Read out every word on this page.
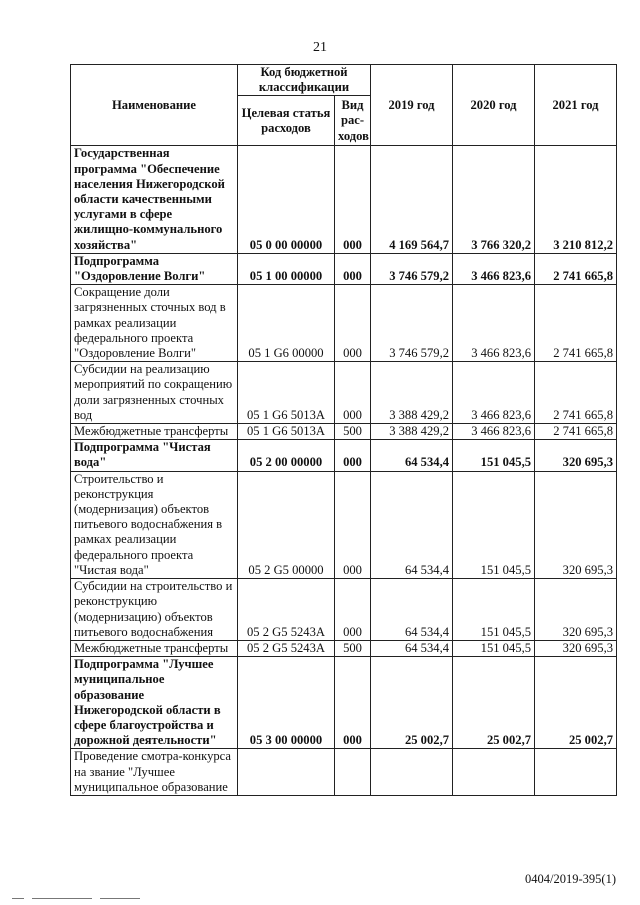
21
Наименование	Код бюджетной классификации		2019 год	2020 год	2021 год
	Целевая статья расходов	Вид рас-ходов			
Государственная программа "Обеспечение населения Нижегородской области качественными услугами в сфере жилищно-коммунального хозяйства"	05 0 00 00000	000	4 169 564,7	3 766 320,2	3 210 812,2
Подпрограмма "Оздоровление Волги"	05 1 00 00000	000	3 746 579,2	3 466 823,6	2 741 665,8
Сокращение доли загрязненных сточных вод в рамках реализации федерального проекта "Оздоровление Волги"	05 1 G6 00000	000	3 746 579,2	3 466 823,6	2 741 665,8
Субсидии на реализацию мероприятий по сокращению доли загрязненных сточных вод	05 1 G6 5013A	000	3 388 429,2	3 466 823,6	2 741 665,8
Межбюджетные трансферты	05 1 G6 5013A	500	3 388 429,2	3 466 823,6	2 741 665,8
Подпрограмма "Чистая вода"	05 2 00 00000	000	64 534,4	151 045,5	320 695,3
Строительство и реконструкция (модернизация) объектов питьевого водоснабжения в рамках реализации федерального проекта "Чистая вода"	05 2 G5 00000	000	64 534,4	151 045,5	320 695,3
Субсидии на строительство и реконструкцию (модернизацию) объектов питьевого водоснабжения	05 2 G5 5243A	000	64 534,4	151 045,5	320 695,3
Межбюджетные трансферты	05 2 G5 5243A	500	64 534,4	151 045,5	320 695,3
Подпрограмма "Лучшее муниципальное образование Нижегородской области в сфере благоустройства и дорожной деятельности"	05 3 00 00000	000	25 002,7	25 002,7	25 002,7
Проведение смотра-конкурса на звание "Лучшее муниципальное образование					
0404/2019-395(1)
